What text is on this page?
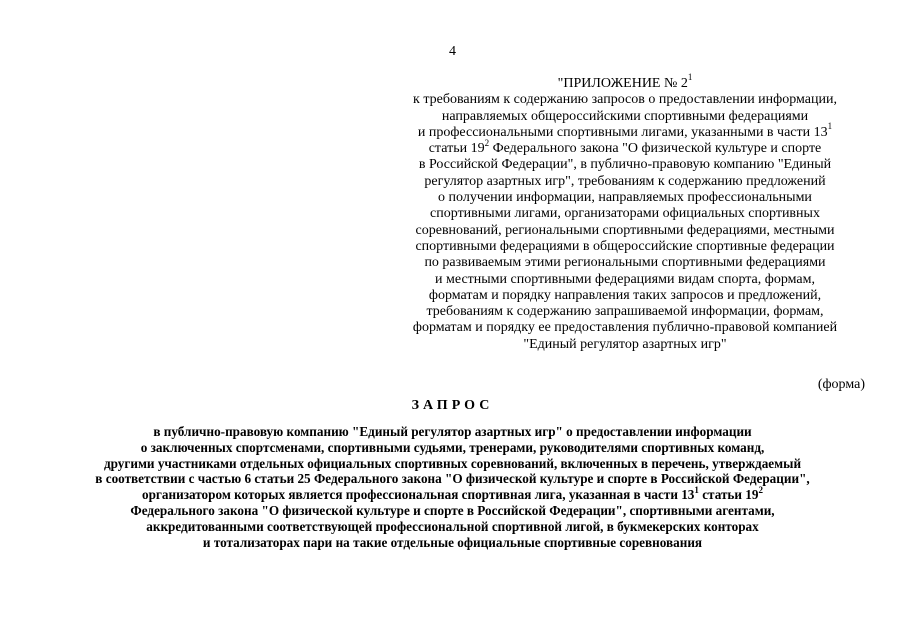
4
"ПРИЛОЖЕНИЕ № $2^1$
к требованиям к содержанию запросов о предоставлении информации,
направляемых общероссийскими спортивными федерациями
и профессиональными спортивными лигами, указанными в части $13^1$
статьи $19^2$ Федерального закона "О физической культуре и спорте
в Российской Федерации", в публично-правовую компанию "Единый
регулятор азартных игр", требованиям к содержанию предложений
о получении информации, направляемых профессиональными
спортивными лигами, организаторами официальных спортивных
соревнований, региональными спортивными федерациями, местными
спортивными федерациями в общероссийские спортивные федерации
по развиваемым этими региональными спортивными федерациями
и местными спортивными федерациями видам спорта, формам,
форматам и порядку направления таких запросов и предложений,
требованиям к содержанию запрашиваемой информации, формам,
форматам и порядку ее предоставления публично-правовой компанией
"Единый регулятор азартных игр"
(форма)
ЗАПРОС
в публично-правовую компанию "Единый регулятор азартных игр" о предоставлении информации
о заключенных спортсменами, спортивными судьями, тренерами, руководителями спортивных команд,
другими участниками отдельных официальных спортивных соревнований, включенных в перечень, утверждаемый
в соответствии с частью 6 статьи 25 Федерального закона "О физической культуре и спорте в Российской Федерации",
организатором которых является профессиональная спортивная лига, указанная в части $13^1$ статьи $19^2$
Федерального закона "О физической культуре и спорте в Российской Федерации", спортивными агентами,
аккредитованными соответствующей профессиональной спортивной лигой, в букмекерских конторах
и тотализаторах пари на такие отдельные официальные спортивные соревнования
